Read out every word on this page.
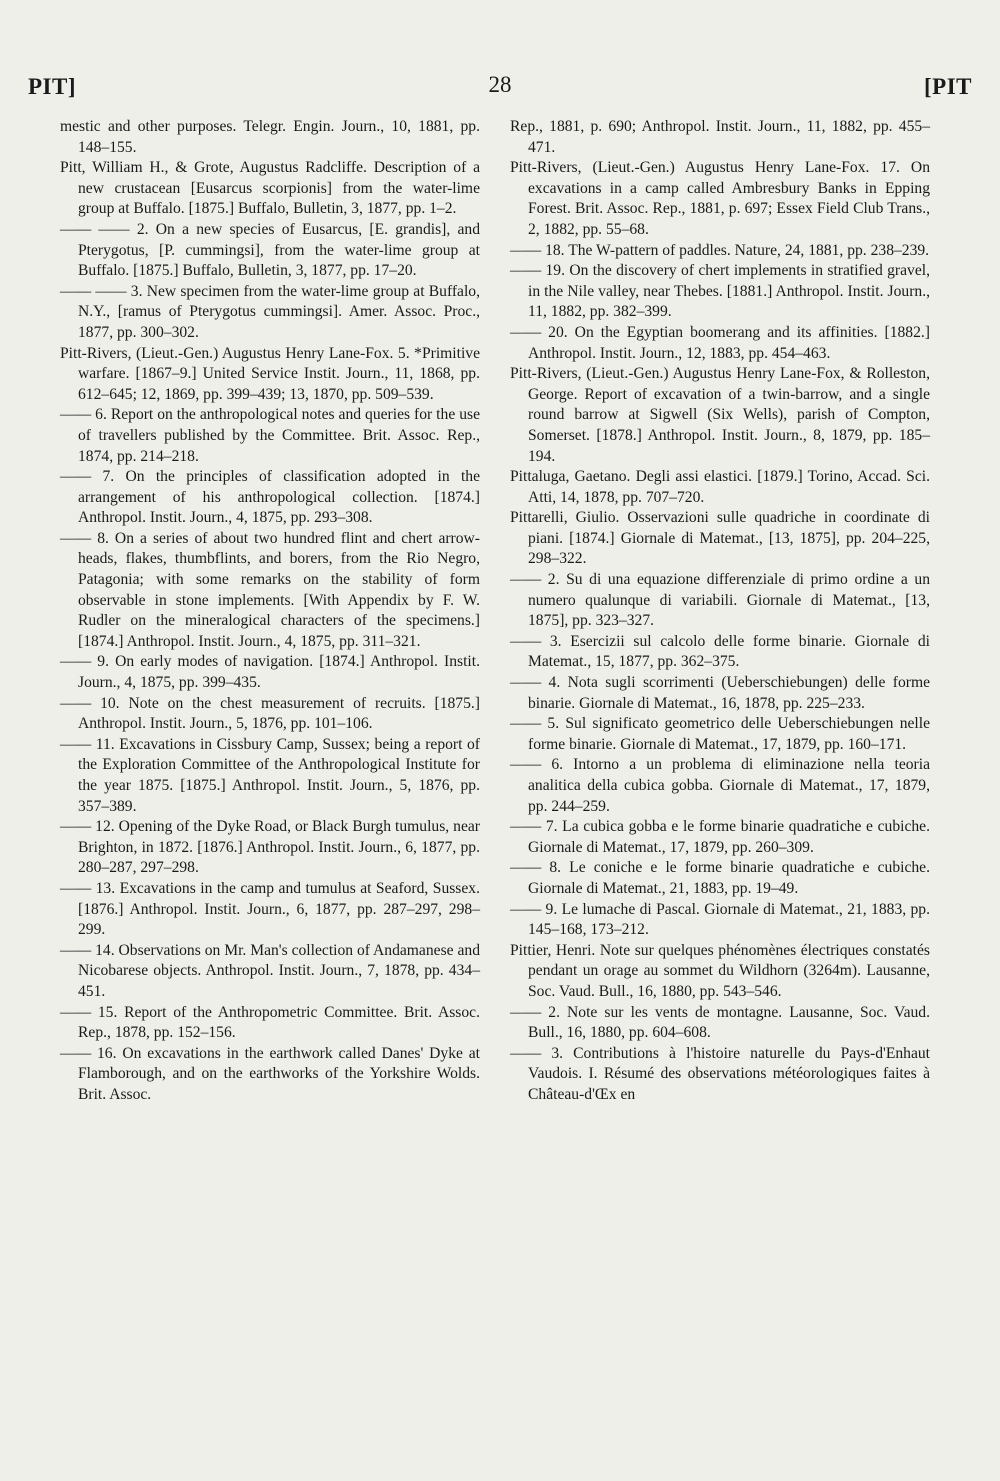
PIT]	28	[PIT

mestic and other purposes. Telegr. Engin. Journ., 10, 1881, pp. 148–155.

Pitt, William H., & Grote, Augustus Radcliffe. Description of a new crustacean [Eusarcus scorpionis] from the water-lime group at Buffalo. [1875.] Buffalo, Bulletin, 3, 1877, pp. 1–2.

—— —— 2. On a new species of Eusarcus, [E. grandis], and Pterygotus, [P. cummingsi], from the water-lime group at Buffalo. [1875.] Buffalo, Bulletin, 3, 1877, pp. 17–20.

—— —— 3. New specimen from the water-lime group at Buffalo, N.Y., [ramus of Pterygotus cummingsi]. Amer. Assoc. Proc., 1877, pp. 300–302.

Pitt-Rivers, (Lieut.-Gen.) Augustus Henry Lane-Fox. 5. *Primitive warfare. [1867–9.] United Service Instit. Journ., 11, 1868, pp. 612–645; 12, 1869, pp. 399–439; 13, 1870, pp. 509–539.

—— 6. Report on the anthropological notes and queries for the use of travellers published by the Committee. Brit. Assoc. Rep., 1874, pp. 214–218.

—— 7. On the principles of classification adopted in the arrangement of his anthropological collection. [1874.] Anthropol. Instit. Journ., 4, 1875, pp. 293–308.

—— 8. On a series of about two hundred flint and chert arrow-heads, flakes, thumbflints, and borers, from the Rio Negro, Patagonia; with some remarks on the stability of form observable in stone implements. [With Appendix by F. W. Rudler on the mineralogical characters of the specimens.] [1874.] Anthropol. Instit. Journ., 4, 1875, pp. 311–321.

—— 9. On early modes of navigation. [1874.] Anthropol. Instit. Journ., 4, 1875, pp. 399–435.

—— 10. Note on the chest measurement of recruits. [1875.] Anthropol. Instit. Journ., 5, 1876, pp. 101–106.

—— 11. Excavations in Cissbury Camp, Sussex; being a report of the Exploration Committee of the Anthropological Institute for the year 1875. [1875.] Anthropol. Instit. Journ., 5, 1876, pp. 357–389.

—— 12. Opening of the Dyke Road, or Black Burgh tumulus, near Brighton, in 1872. [1876.] Anthropol. Instit. Journ., 6, 1877, pp. 280–287, 297–298.

—— 13. Excavations in the camp and tumulus at Seaford, Sussex. [1876.] Anthropol. Instit. Journ., 6, 1877, pp. 287–297, 298–299.

—— 14. Observations on Mr. Man's collection of Andamanese and Nicobarese objects. Anthropol. Instit. Journ., 7, 1878, pp. 434–451.

—— 15. Report of the Anthropometric Committee. Brit. Assoc. Rep., 1878, pp. 152–156.

—— 16. On excavations in the earthwork called Danes' Dyke at Flamborough, and on the earthworks of the Yorkshire Wolds. Brit. Assoc.

Rep., 1881, p. 690; Anthropol. Instit. Journ., 11, 1882, pp. 455–471.

Pitt-Rivers, (Lieut.-Gen.) Augustus Henry Lane-Fox. 17. On excavations in a camp called Ambresbury Banks in Epping Forest. Brit. Assoc. Rep., 1881, p. 697; Essex Field Club Trans., 2, 1882, pp. 55–68.

—— 18. The W-pattern of paddles. Nature, 24, 1881, pp. 238–239.

—— 19. On the discovery of chert implements in stratified gravel, in the Nile valley, near Thebes. [1881.] Anthropol. Instit. Journ., 11, 1882, pp. 382–399.

—— 20. On the Egyptian boomerang and its affinities. [1882.] Anthropol. Instit. Journ., 12, 1883, pp. 454–463.

Pitt-Rivers, (Lieut.-Gen.) Augustus Henry Lane-Fox, & Rolleston, George. Report of excavation of a twin-barrow, and a single round barrow at Sigwell (Six Wells), parish of Compton, Somerset. [1878.] Anthropol. Instit. Journ., 8, 1879, pp. 185–194.

Pittaluga, Gaetano. Degli assi elastici. [1879.] Torino, Accad. Sci. Atti, 14, 1878, pp. 707–720.

Pittarelli, Giulio. Osservazioni sulle quadriche in coordinate di piani. [1874.] Giornale di Matemat., [13, 1875], pp. 204–225, 298–322.

—— 2. Su di una equazione differenziale di primo ordine a un numero qualunque di variabili. Giornale di Matemat., [13, 1875], pp. 323–327.

—— 3. Esercizii sul calcolo delle forme binarie. Giornale di Matemat., 15, 1877, pp. 362–375.

—— 4. Nota sugli scorrimenti (Ueberschiebungen) delle forme binarie. Giornale di Matemat., 16, 1878, pp. 225–233.

—— 5. Sul significato geometrico delle Ueberschiebungen nelle forme binarie. Giornale di Matemat., 17, 1879, pp. 160–171.

—— 6. Intorno a un problema di eliminazione nella teoria analitica della cubica gobba. Giornale di Matemat., 17, 1879, pp. 244–259.

—— 7. La cubica gobba e le forme binarie quadratiche e cubiche. Giornale di Matemat., 17, 1879, pp. 260–309.

—— 8. Le coniche e le forme binarie quadratiche e cubiche. Giornale di Matemat., 21, 1883, pp. 19–49.

—— 9. Le lumache di Pascal. Giornale di Matemat., 21, 1883, pp. 145–168, 173–212.

Pittier, Henri. Note sur quelques phénomènes électriques constatés pendant un orage au sommet du Wildhorn (3264m). Lausanne, Soc. Vaud. Bull., 16, 1880, pp. 543–546.

—— 2. Note sur les vents de montagne. Lausanne, Soc. Vaud. Bull., 16, 1880, pp. 604–608.

—— 3. Contributions à l'histoire naturelle du Pays-d'Enhaut Vaudois. I. Résumé des observations météorologiques faites à Château-d'Œx en
